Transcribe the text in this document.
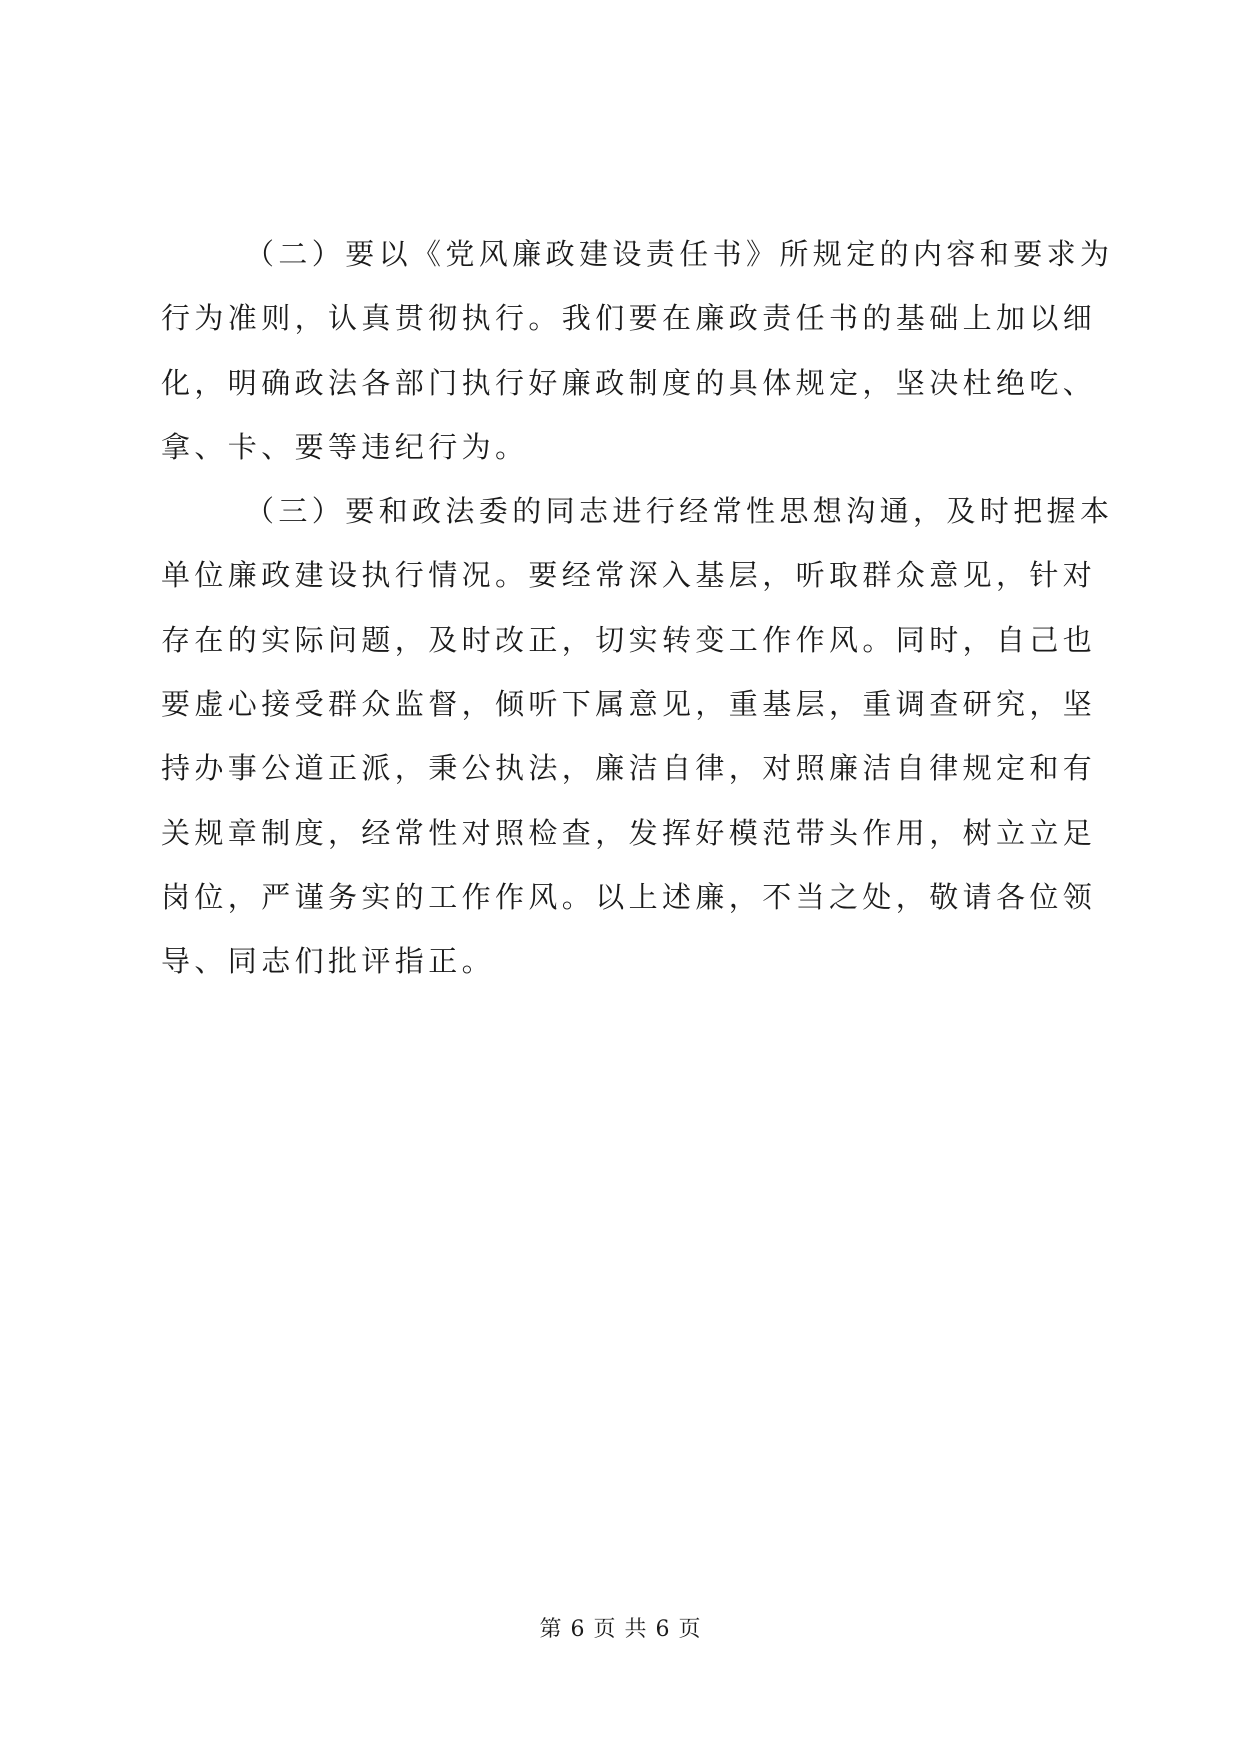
（二）要以《党风廉政建设责任书》所规定的内容和要求为
行为准则，认真贯彻执行。我们要在廉政责任书的基础上加以细
化，明确政法各部门执行好廉政制度的具体规定，坚决杜绝吃、
拿、卡、要等违纪行为。
（三）要和政法委的同志进行经常性思想沟通，及时把握本
单位廉政建设执行情况。要经常深入基层，听取群众意见，针对
存在的实际问题，及时改正，切实转变工作作风。同时，自己也
要虚心接受群众监督，倾听下属意见，重基层，重调查研究，坚
持办事公道正派，秉公执法，廉洁自律，对照廉洁自律规定和有
关规章制度，经常性对照检查，发挥好模范带头作用，树立立足
岗位，严谨务实的工作作风。以上述廉，不当之处，敬请各位领
导、同志们批评指正。
第 6 页 共 6 页
